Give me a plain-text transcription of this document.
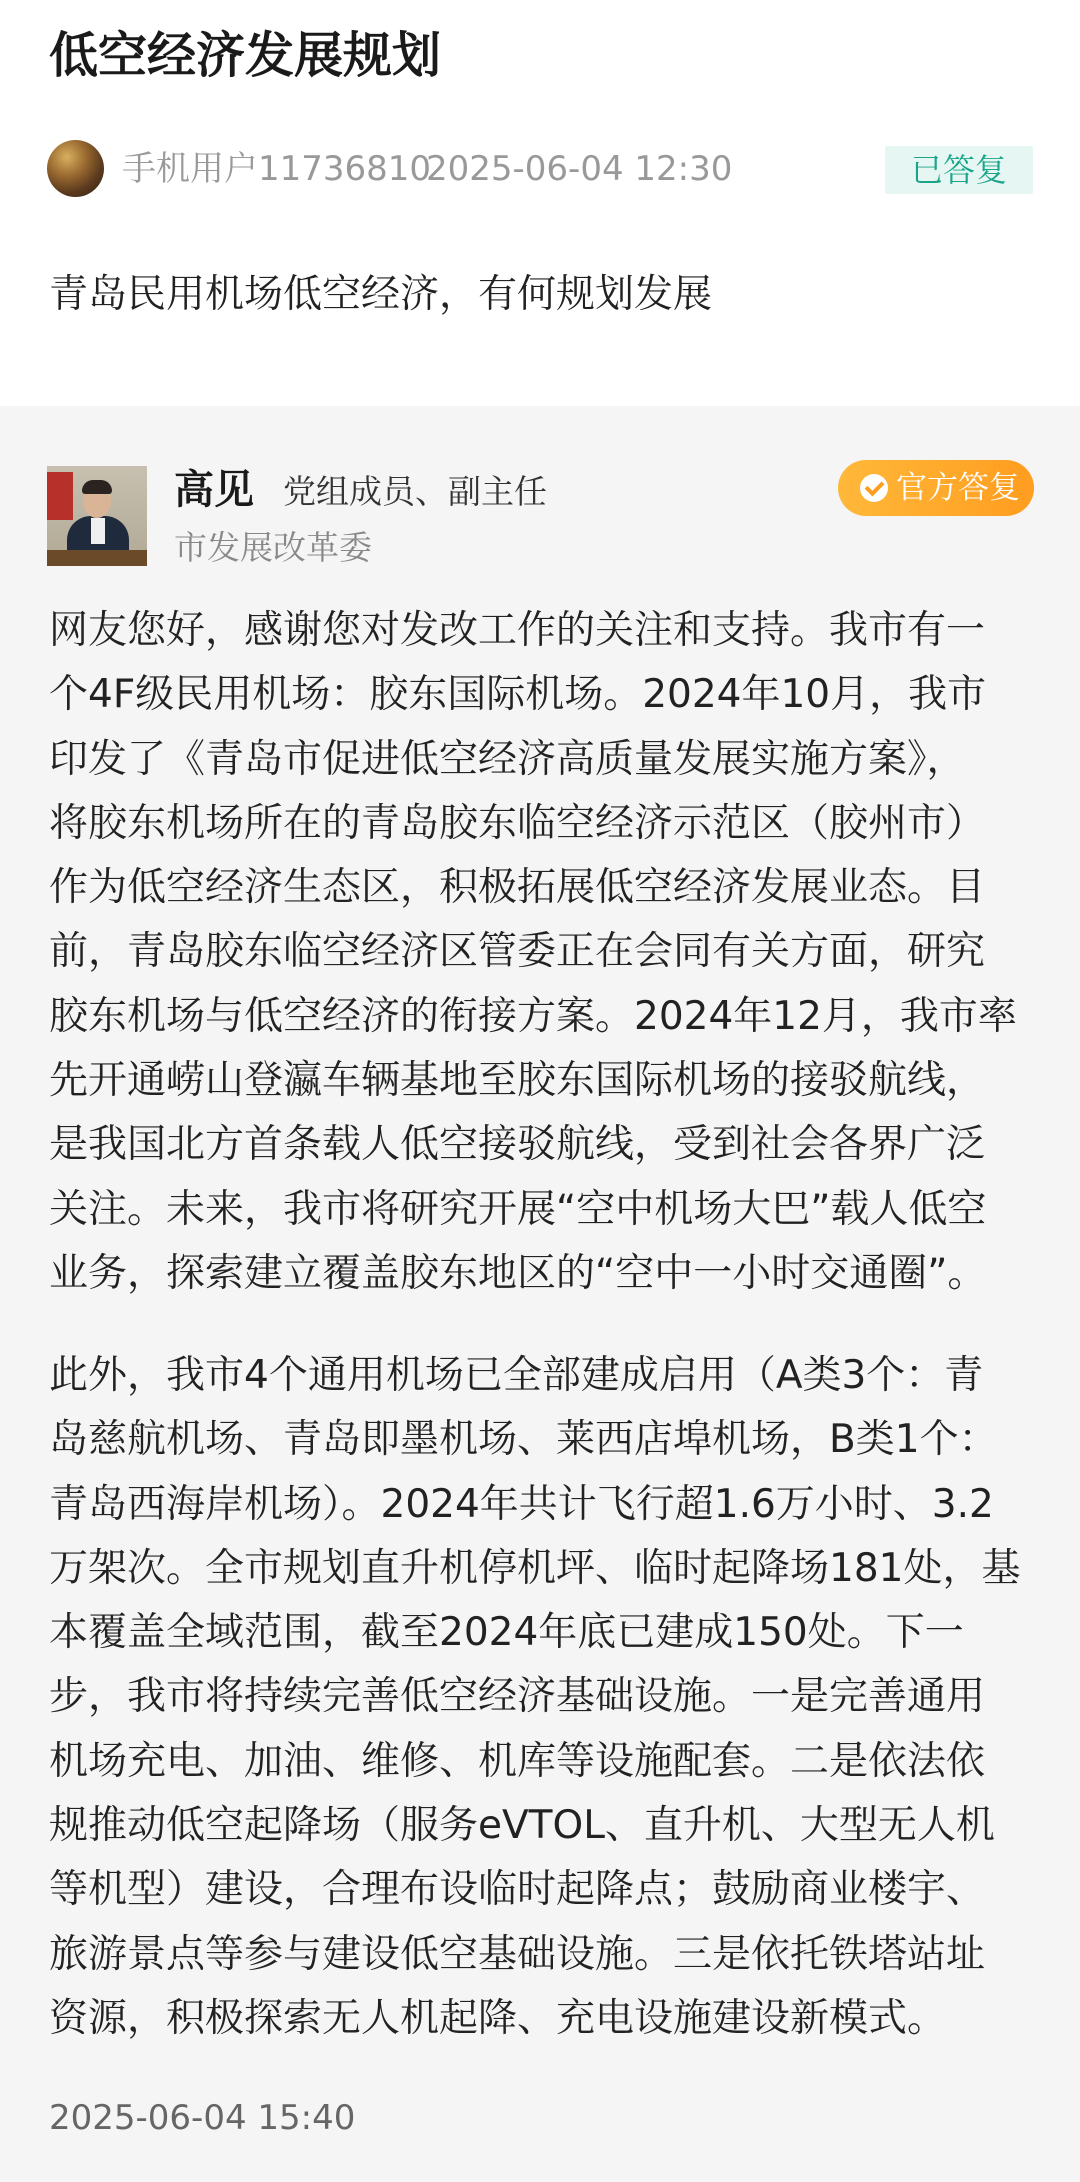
低空经济发展规划
手机用户11736810
2025-06-04 12:30	已答复
青岛民用机场低空经济，有何规划发展
高见 党组成员、副主任
市发展改革委
官方答复

网友您好，感谢您对发改工作的关注和支持。我市有一
个4F级民用机场：胶东国际机场。2024年10月，我市
印发了《青岛市促进低空经济高质量发展实施方案》，
将胶东机场所在的青岛胶东临空经济示范区（胶州市）
作为低空经济生态区，积极拓展低空经济发展业态。目
前，青岛胶东临空经济区管委正在会同有关方面，研究
胶东机场与低空经济的衔接方案。2024年12月，我市率
先开通崂山登瀛车辆基地至胶东国际机场的接驳航线，
是我国北方首条载人低空接驳航线，受到社会各界广泛
关注。未来，我市将研究开展“空中机场大巴”载人低空
业务，探索建立覆盖胶东地区的“空中一小时交通圈”。

此外，我市4个通用机场已全部建成启用（A类3个：青
岛慈航机场、青岛即墨机场、莱西店埠机场，B类1个：
青岛西海岸机场）。2024年共计飞行超1.6万小时、3.2
万架次。全市规划直升机停机坪、临时起降场181处，基
本覆盖全域范围，截至2024年底已建成150处。下一
步，我市将持续完善低空经济基础设施。一是完善通用
机场充电、加油、维修、机库等设施配套。二是依法依
规推动低空起降场（服务eVTOL、直升机、大型无人机
等机型）建设，合理布设临时起降点；鼓励商业楼宇、
旅游景点等参与建设低空基础设施。三是依托铁塔站址
资源，积极探索无人机起降、充电设施建设新模式。

2025-06-04 15:40
